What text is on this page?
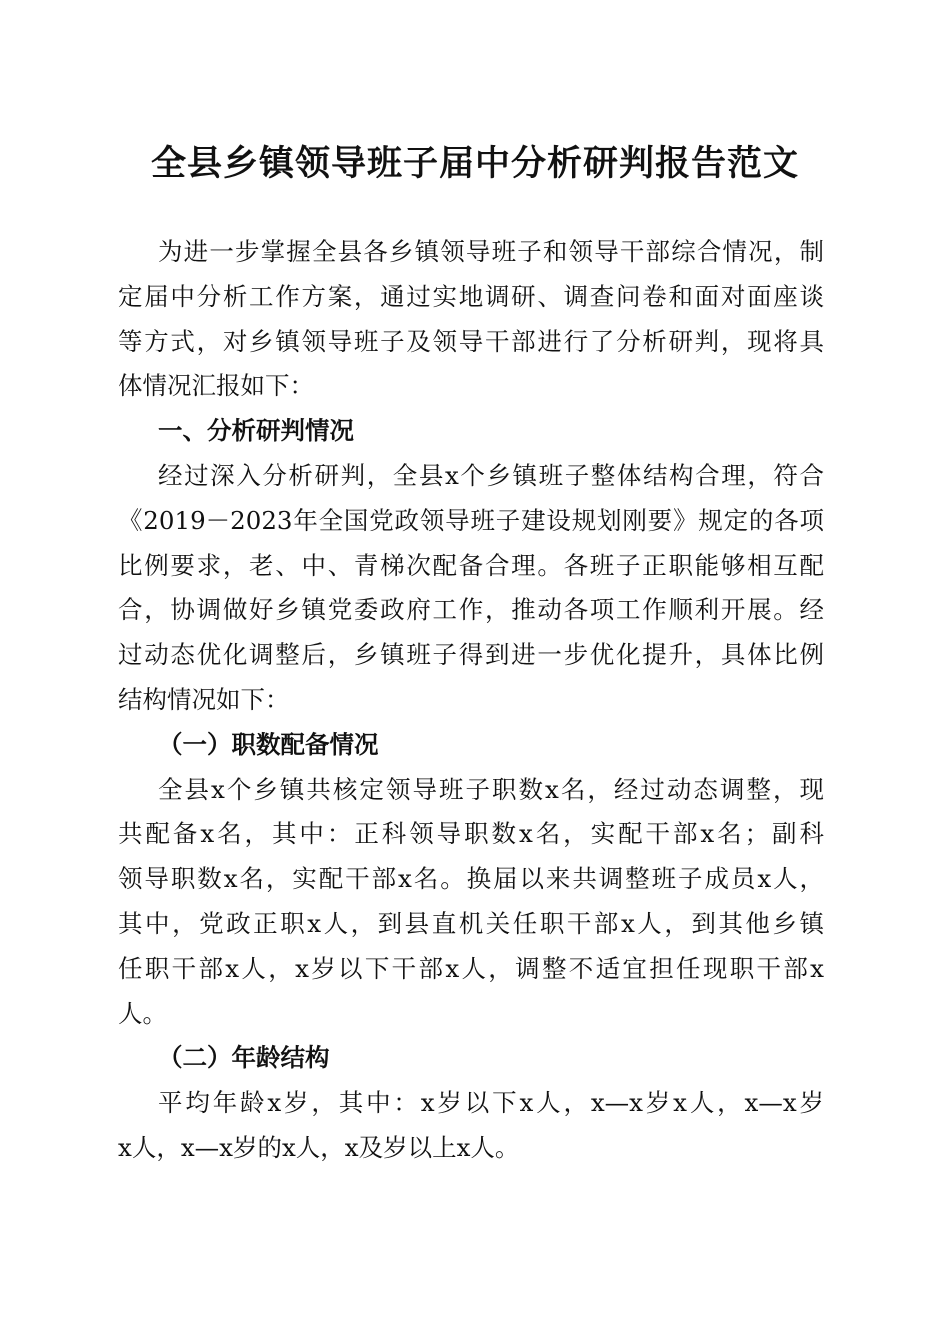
全县乡镇领导班子届中分析研判报告范文
为进一步掌握全县各乡镇领导班子和领导干部综合情况，制
定届中分析工作方案，通过实地调研、调查问卷和面对面座谈
等方式，对乡镇领导班子及领导干部进行了分析研判，现将具
体情况汇报如下：
一、分析研判情况
经过深入分析研判，全县x个乡镇班子整体结构合理，符合
《2019－2023年全国党政领导班子建设规划刚要》规定的各项
比例要求，老、中、青梯次配备合理。各班子正职能够相互配
合，协调做好乡镇党委政府工作，推动各项工作顺利开展。经
过动态优化调整后，乡镇班子得到进一步优化提升，具体比例
结构情况如下：
（一）职数配备情况
全县x个乡镇共核定领导班子职数x名，经过动态调整，现
共配备x名，其中：正科领导职数x名，实配干部x名；副科
领导职数x名，实配干部x名。换届以来共调整班子成员x人，
其中，党政正职x人，到县直机关任职干部x人，到其他乡镇
任职干部x人，x岁以下干部x人，调整不适宜担任现职干部x
人。
（二）年龄结构
平均年龄x岁，其中：x岁以下x人，x—x岁x人，x—x岁
x人，x—x岁的x人，x及岁以上x人。
